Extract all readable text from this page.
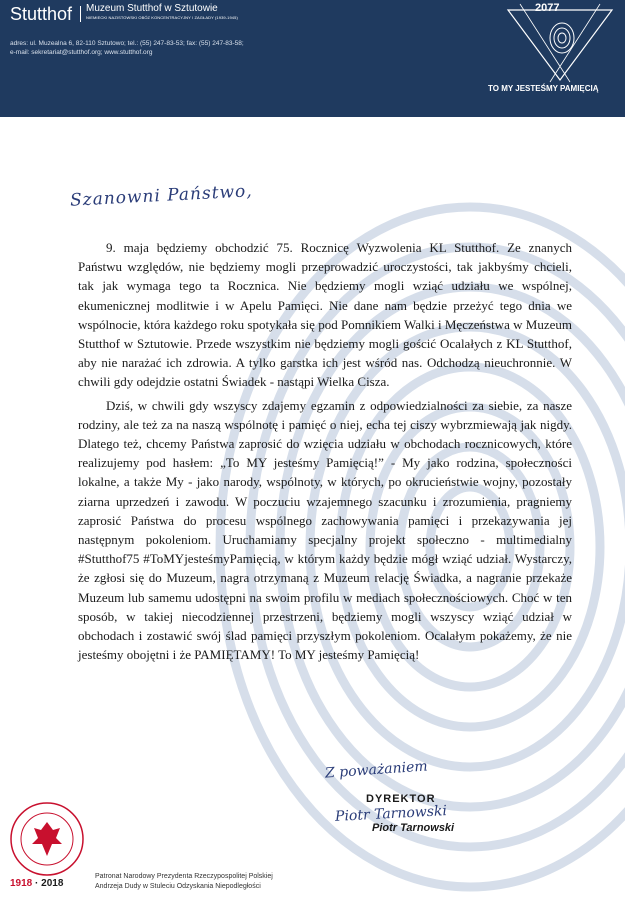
Stutthof Muzeum Stutthof w Sztutowie
NIEMIECKI NAZISTOWSKI OBÓZ KONCENTRACYJNY I ZAGŁADY (1939-1945)
adres: ul. Muzealna 6, 82-110 Sztutowo; tel.: (55) 247-83-53; fax: (55) 247-83-58;
e-mail: sekretariat@stutthof.org; www.stutthof.org
2077
TO MY JESTEŚMY PAMIĘCIĄ
Szanowni Państwo,

9. maja będziemy obchodzić 75. Rocznicę Wyzwolenia KL Stutthof. Ze znanych Państwu względów, nie będziemy mogli przeprowadzić uroczystości, tak jakbyśmy chcieli, tak jak wymaga tego ta Rocznica. Nie będziemy mogli wziąć udziału we wspólnej, ekumenicznej modlitwie i w Apelu Pamięci. Nie dane nam będzie przeżyć tego dnia we wspólnocie, która każdego roku spotykała się pod Pomnikiem Walki i Męczeństwa w Muzeum Stutthof w Sztutowie. Przede wszystkim nie będziemy mogli gościć Ocalałych z KL Stutthof, aby nie narażać ich zdrowia. A tylko garstka ich jest wśród nas. Odchodzą nieuchronnie. W chwili gdy odejdzie ostatni Świadek - nastąpi Wielka Cisza.

Dziś, w chwili gdy wszyscy zdajemy egzamin z odpowiedzialności za siebie, za nasze rodziny, ale też za na naszą wspólnotę i pamięć o niej, echa tej ciszy wybrzmiewają jak nigdy. Dlatego też, chcemy Państwa zaprosić do wzięcia udziału w obchodach rocznicowych, które realizujemy pod hasłem: „To MY jesteśmy Pamięcią!” - My jako rodzina, społeczności lokalne, a także My - jako narody, wspólnoty, w których, po okrucieństwie wojny, pozostały ziarna uprzedzeń i zawodu. W poczuciu wzajemnego szacunku i zrozumienia, pragniemy zaprosić Państwa do procesu wspólnego zachowywania pamięci i przekazywania jej następnym pokoleniom. Uruchamiamy specjalny projekt społeczno - multimedialny #Stutthof75 #ToMYjesteśmyPamięcią, w którym każdy będzie mógł wziąć udział. Wystarczy, że zgłosi się do Muzeum, nagra otrzymaną z Muzeum relację Świadka, a nagranie przekaże Muzeum lub samemu udostępni na swoim profilu w mediach społecznościowych. Choć w ten sposób, w takiej niecodziennej przestrzeni, będziemy mogli wszyscy wziąć udział w obchodach i zostawić swój ślad pamięci przyszłym pokoleniom. Ocalałym pokażemy, że nie jesteśmy obojętni i że PAMIĘTAMY! To MY jesteśmy Pamięcią!

Z poważaniem
DYREKTOR
Piotr Tarnowski
Piotr Tarnowski
1918 · 2018
Patronat Narodowy Prezydenta Rzeczypospolitej Polskiej
Andrzeja Dudy w Stuleciu Odzyskania Niepodległości
